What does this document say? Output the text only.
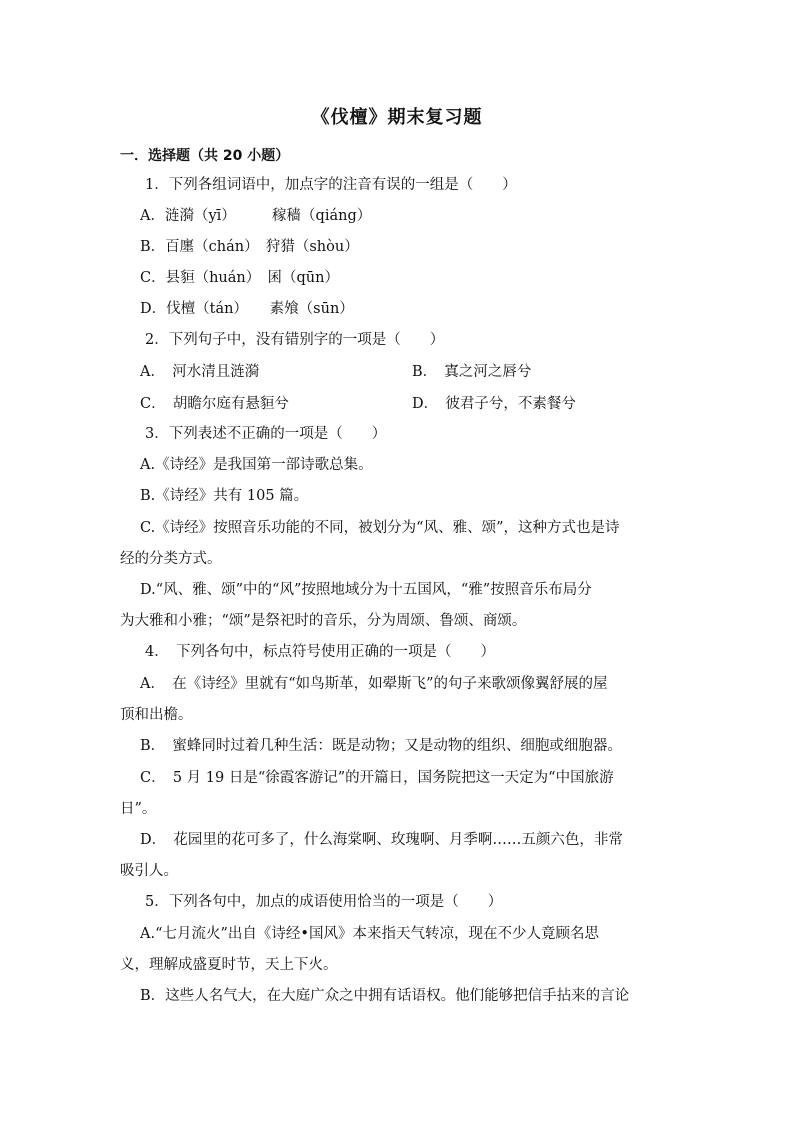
《伐檀》期末复习题
一．选择题（共 20 小题）
1．下列各组词语中，加点字的注音有误的一组是（　　）
A．涟漪（yī）　　　稼穑（qiáng）
B．百廛（chán）　狩猎（shòu）
C．县貆（huán）　囷（qūn）
D．伐檀（tán）　　素飧（sūn）
2．下列句子中，没有错别字的一项是（　　）
A．　河水清且涟漪	B．　寘之河之唇兮
C．　胡瞻尔庭有悬貆兮	D．　彼君子兮，不素餐兮
3．下列表述不正确的一项是（　　）
A.《诗经》是我国第一部诗歌总集。
B.《诗经》共有 105 篇。
C.《诗经》按照音乐功能的不同，被划分为“风、雅、颂”，这种方式也是诗
经的分类方式。
D.“风、雅、颂”中的“风”按照地域分为十五国风，“雅”按照音乐布局分
为大雅和小雅；“颂”是祭祀时的音乐，分为周颂、鲁颂、商颂。
4．　下列各句中，标点符号使用正确的一项是（　　）
A．　在《诗经》里就有“如鸟斯革，如翚斯飞”的句子来歌颂像翼舒展的屋
顶和出檐。
B．　蜜蜂同时过着几种生活：既是动物；又是动物的组织、细胞或细胞器。
C．　5 月 19 日是“徐霞客游记”的开篇日，国务院把这一天定为“中国旅游
日”。
D．　花园里的花可多了，什么海棠啊、玫瑰啊、月季啊……五颜六色，非常
吸引人。
5．下列各句中，加点的成语使用恰当的一项是（　　）
A.“七月流火”出自《诗经•国风》本来指天气转凉，现在不少人竟顾名思
义，理解成盛夏时节，天上下火。
B．这些人名气大，在大庭广众之中拥有话语权。他们能够把信手拈来的言论
